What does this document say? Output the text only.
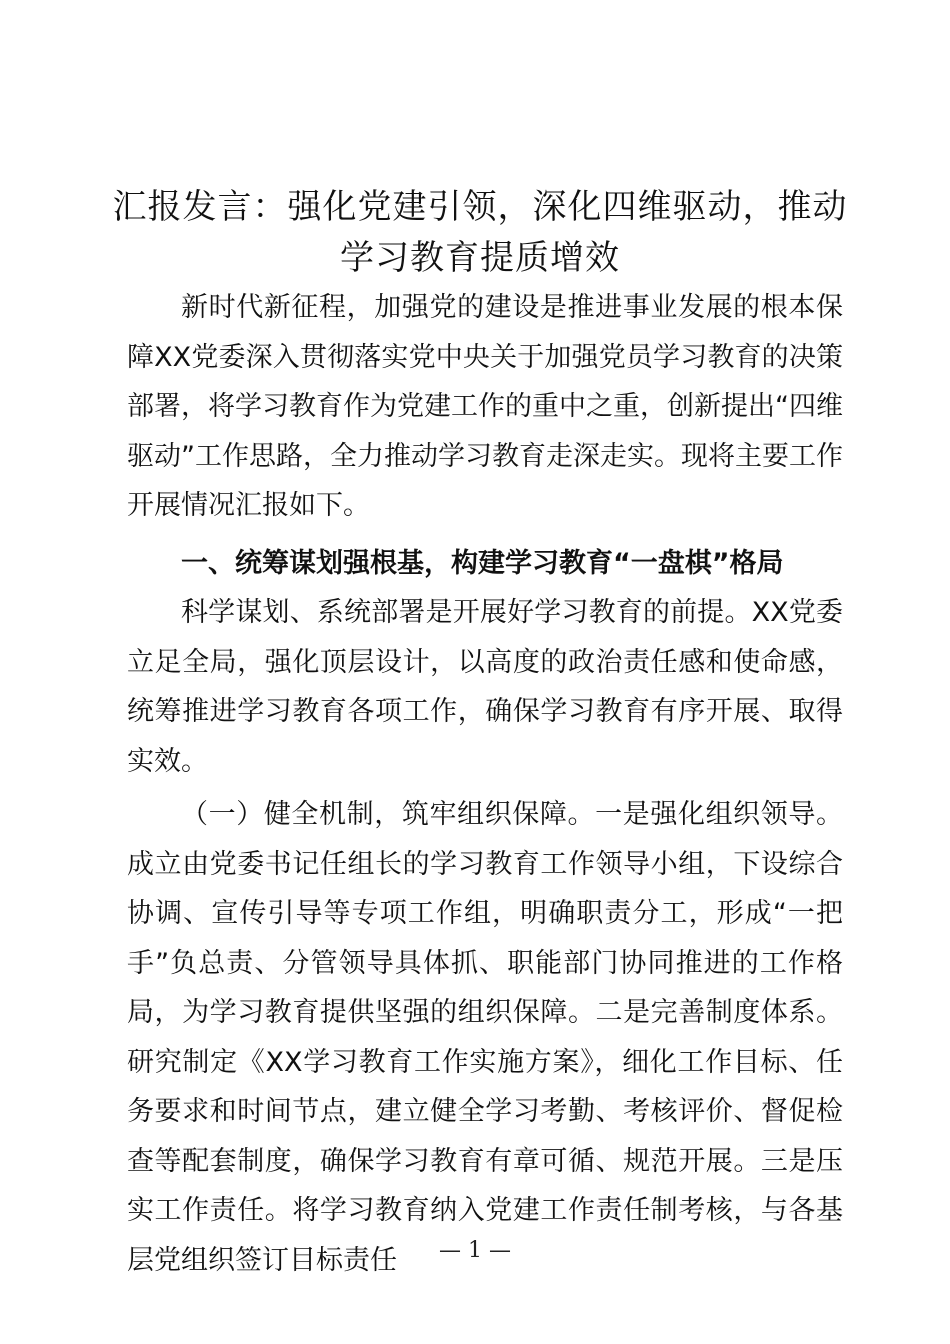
汇报发言：强化党建引领，深化四维驱动，推动学习教育提质增效

新时代新征程，加强党的建设是推进事业发展的根本保障XX党委深入贯彻落实党中央关于加强党员学习教育的决策部署，将学习教育作为党建工作的重中之重，创新提出“四维驱动”工作思路，全力推动学习教育走深走实。现将主要工作开展情况汇报如下。

一、统筹谋划强根基，构建学习教育“一盘棋”格局

科学谋划、系统部署是开展好学习教育的前提。XX党委立足全局，强化顶层设计，以高度的政治责任感和使命感，统筹推进学习教育各项工作，确保学习教育有序开展、取得实效。

（一）健全机制，筑牢组织保障。一是强化组织领导。成立由党委书记任组长的学习教育工作领导小组，下设综合协调、宣传引导等专项工作组，明确职责分工，形成“一把手”负总责、分管领导具体抓、职能部门协同推进的工作格局，为学习教育提供坚强的组织保障。二是完善制度体系。研究制定《XX学习教育工作实施方案》，细化工作目标、任务要求和时间节点，建立健全学习考勤、考核评价、督促检查等配套制度，确保学习教育有章可循、规范开展。三是压实工作责任。将学习教育纳入党建工作责任制考核，与各基层党组织签订目标责任	— 1 —
